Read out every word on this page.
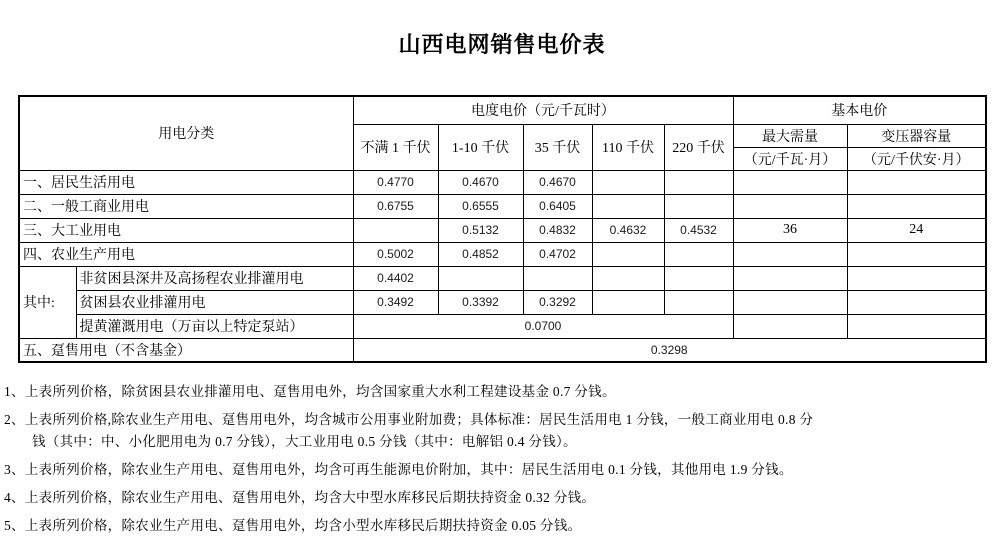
山西电网销售电价表
用电分类		电度电价（元/千瓦时）					基本电价	
		不满 1 千伏	1-10 千伏	35 千伏	110 千伏	220 千伏	最大需量	变压器容量
							（元/千瓦·月）	（元/千伏安·月）
一、居民生活用电		0.4770	0.4670	0.4670				
二、一般工商业用电		0.6755	0.6555	0.6405				
三、大工业用电			0.5132	0.4832	0.4632	0.4532	36	24
四、农业生产用电		0.5002	0.4852	0.4702				
其中:	非贫困县深井及高扬程农业排灌用电	0.4402						
	贫困县农业排灌用电	0.3492	0.3392	0.3292				
	提黄灌溉用电（万亩以上特定泵站）	0.0700						
五、趸售用电（不含基金）		0.3298						
1、上表所列价格，除贫困县农业排灌用电、趸售用电外，均含国家重大水利工程建设基金 0.7 分钱。
2、上表所列价格,除农业生产用电、趸售用电外，均含城市公用事业附加费；具体标准：居民生活用电 1 分钱，一般工商业用电 0.8 分
钱（其中：中、小化肥用电为 0.7 分钱），大工业用电 0.5 分钱（其中：电解铝 0.4 分钱）。
3、上表所列价格，除农业生产用电、趸售用电外，均含可再生能源电价附加，其中：居民生活用电 0.1 分钱，其他用电 1.9 分钱。
4、上表所列价格，除农业生产用电、趸售用电外，均含大中型水库移民后期扶持资金 0.32 分钱。
5、上表所列价格，除农业生产用电、趸售用电外，均含小型水库移民后期扶持资金 0.05 分钱。
